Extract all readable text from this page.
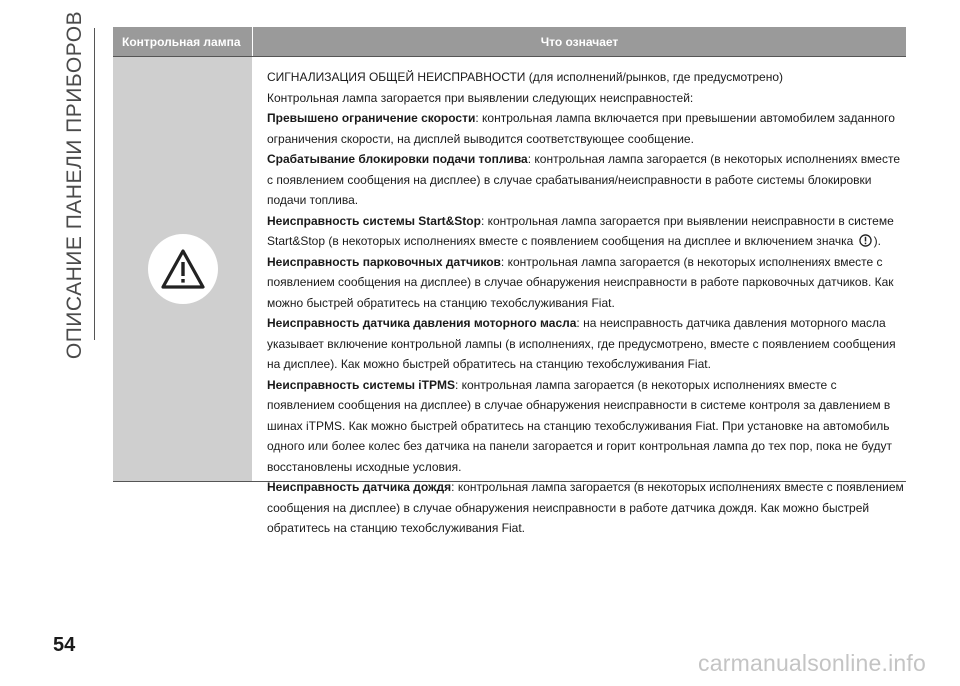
ОПИСАНИЕ ПАНЕЛИ ПРИБОРОВ	Контрольная лампа	Что означает

СИГНАЛИЗАЦИЯ ОБЩЕЙ НЕИСПРАВНОСТИ (для исполнений/рынков, где предусмотрено)

Контрольная лампа загорается при выявлении следующих неисправностей:

Превышено ограничение скорости: контрольная лампа включается при превышении автомобилем заданного ограничения скорости, на дисплей выводится соответствующее сообщение.

Срабатывание блокировки подачи топлива: контрольная лампа загорается (в некоторых исполнениях вместе с появлением сообщения на дисплее) в случае срабатывания/неисправности в работе системы блокировки подачи топлива.

Неисправность системы Start&Stop: контрольная лампа загорается при выявлении неисправности в системе Start&Stop (в некоторых исполнениях вместе с появлением сообщения на дисплее и включением значка ).

Неисправность парковочных датчиков: контрольная лампа загорается (в некоторых исполнениях вместе с появлением сообщения на дисплее) в случае обнаружения неисправности в работе парковочных датчиков. Как можно быстрей обратитесь на станцию техобслуживания Fiat.

Неисправность датчика давления моторного масла: на неисправность датчика давления моторного масла указывает включение контрольной лампы (в исполнениях, где предусмотрено, вместе с появлением сообщения на дисплее). Как можно быстрей обратитесь на станцию техобслуживания Fiat.

Неисправность системы iTPMS: контрольная лампа загорается (в некоторых исполнениях вместе с появлением сообщения на дисплее) в случае обнаружения неисправности в системе контроля за давлением в шинах iTPMS. Как можно быстрей обратитесь на станцию техобслуживания Fiat. При установке на автомобиль одного или более колес без датчика на панели загорается и горит контрольная лампа до тех пор, пока не будут восстановлены исходные условия.

Неисправность датчика дождя: контрольная лампа загорается (в некоторых исполнениях вместе с появлением сообщения на дисплее) в случае обнаружения неисправности в работе датчика дождя. Как можно быстрей обратитесь на станцию техобслуживания Fiat.

54
carmanualsonline.info
